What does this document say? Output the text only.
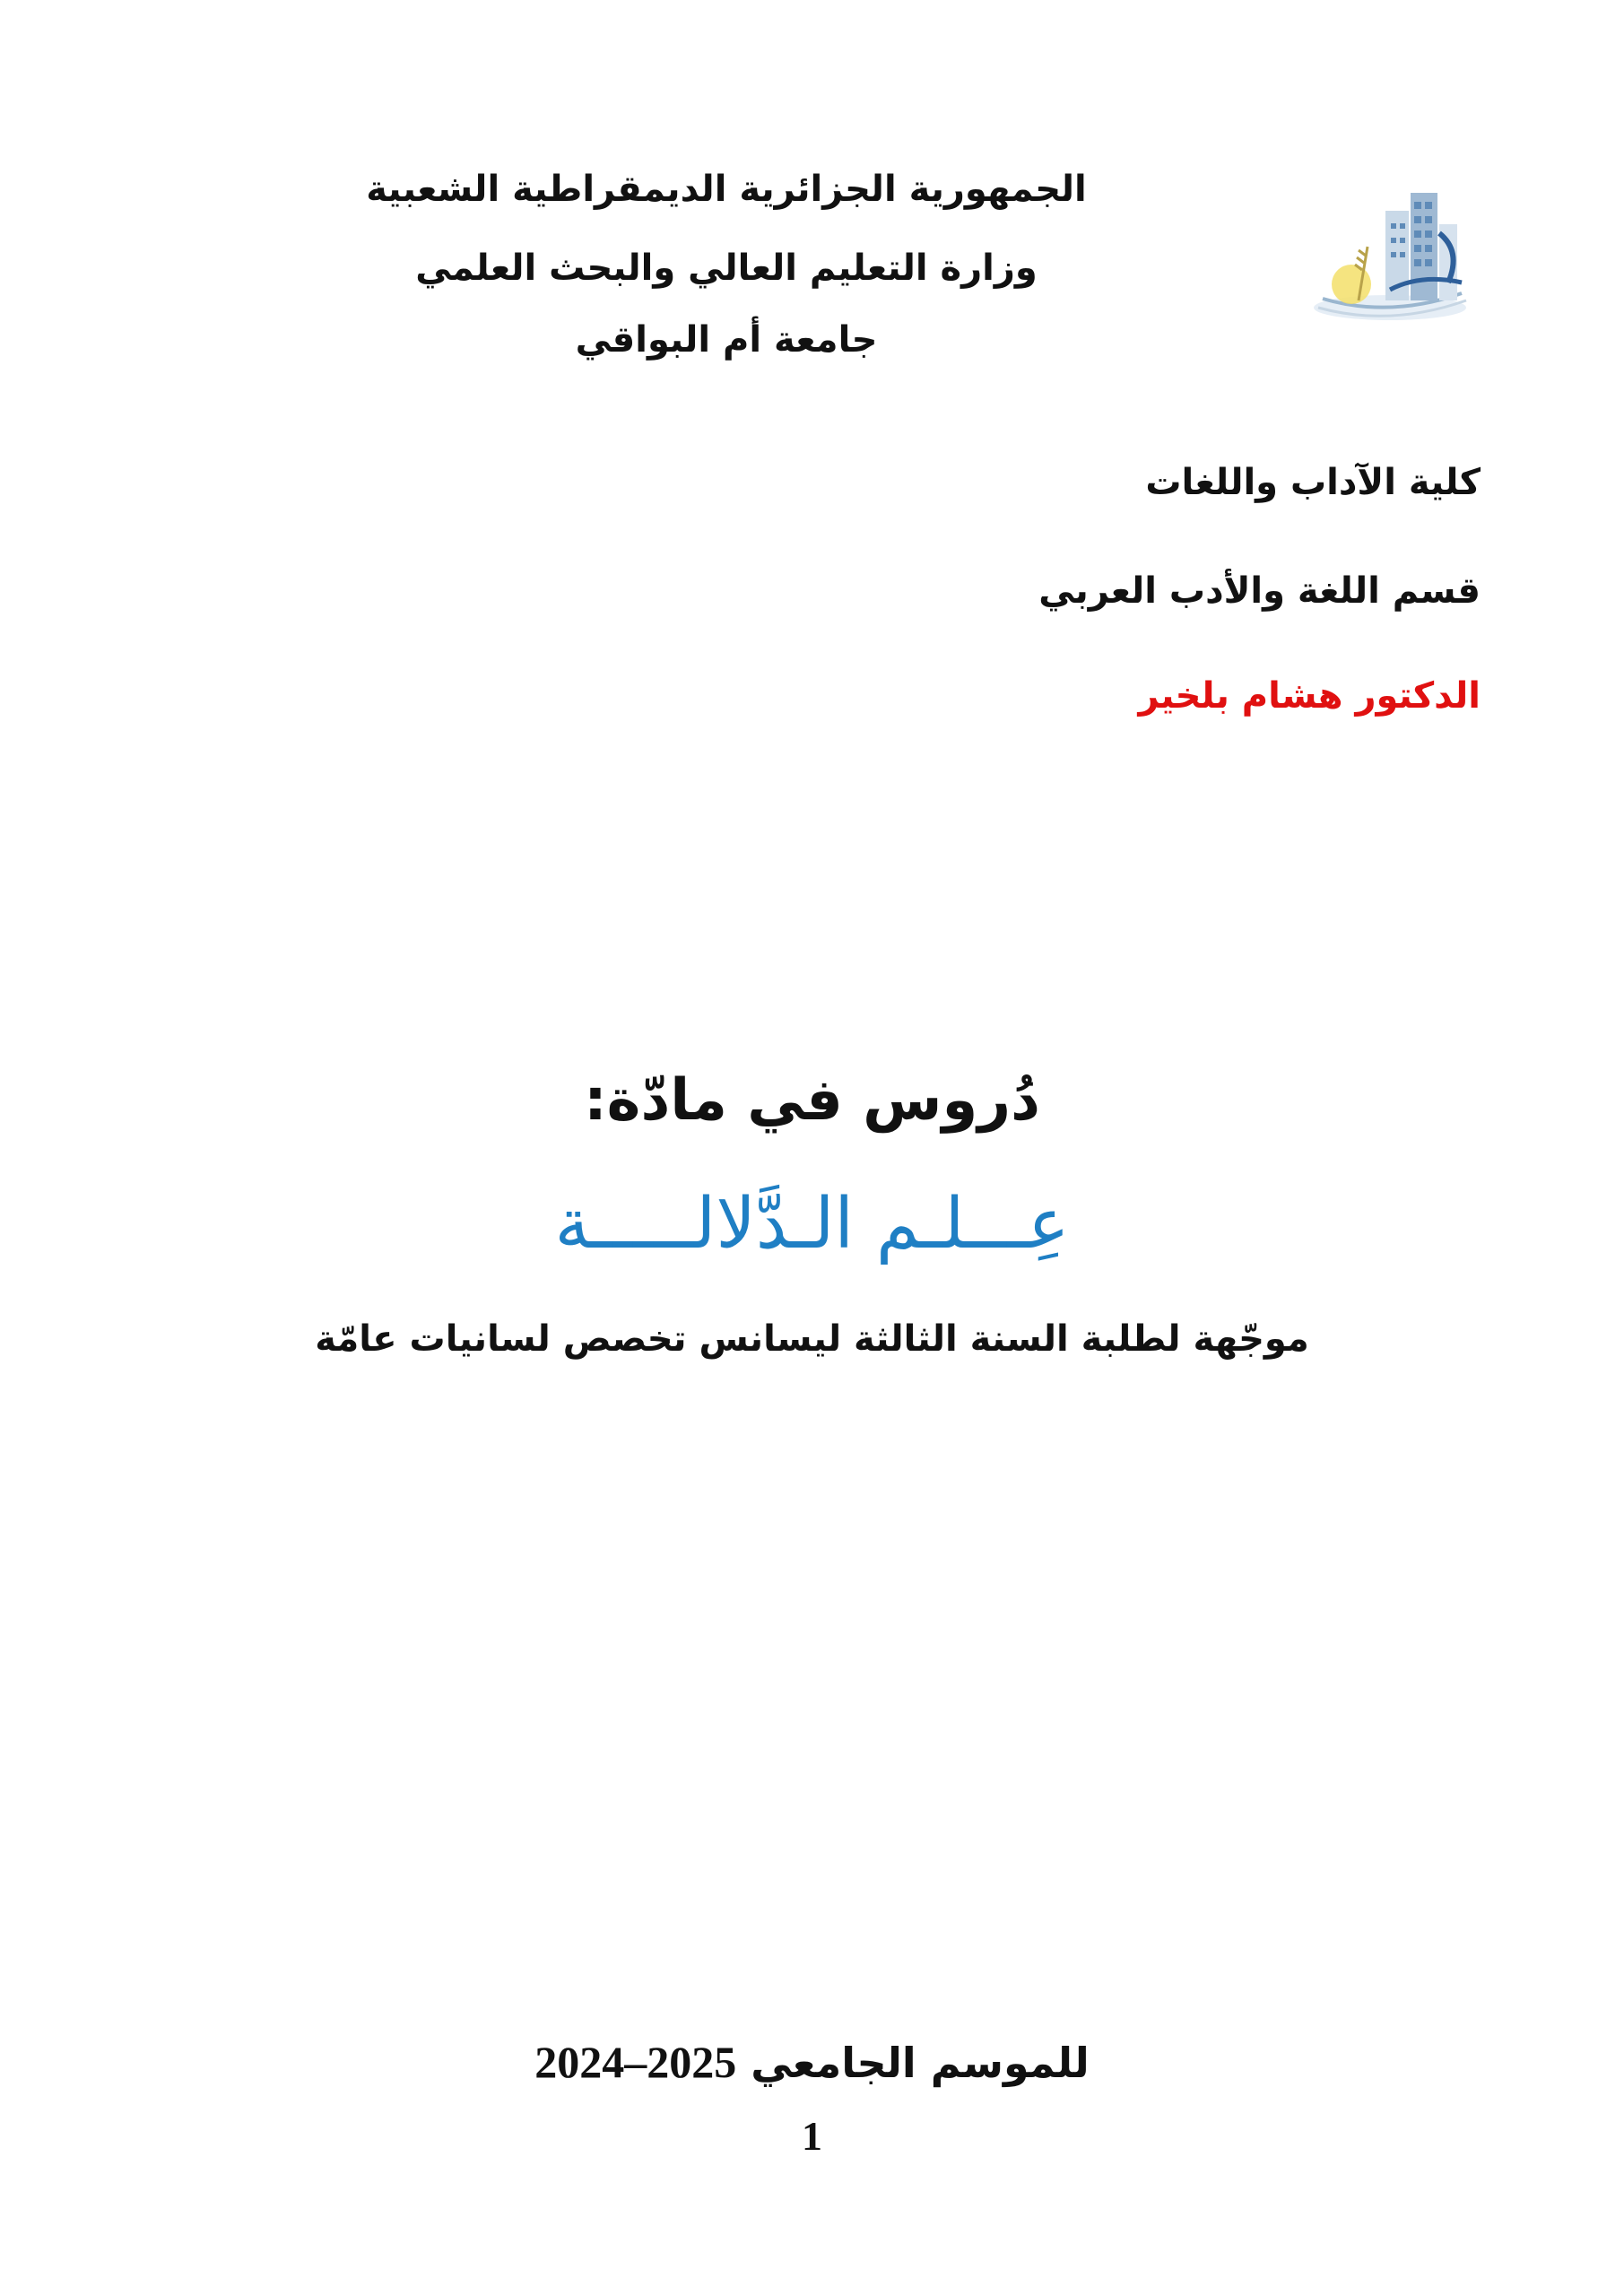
الجمهورية الجزائرية الديمقراطية الشعبية
وزارة التعليم العالي والبحث العلمي
جامعة أم البواقي
كلية الآداب واللغات
قسم اللغة والأدب العربي
الدكتور هشام بلخير
دُروس في مادّة:
عِـــلـم الـدَّلالـــــة
موجّهة لطلبة السنة الثالثة ليسانس تخصص لسانيات عامّة
للموسم الجامعي 2024–2025
1
